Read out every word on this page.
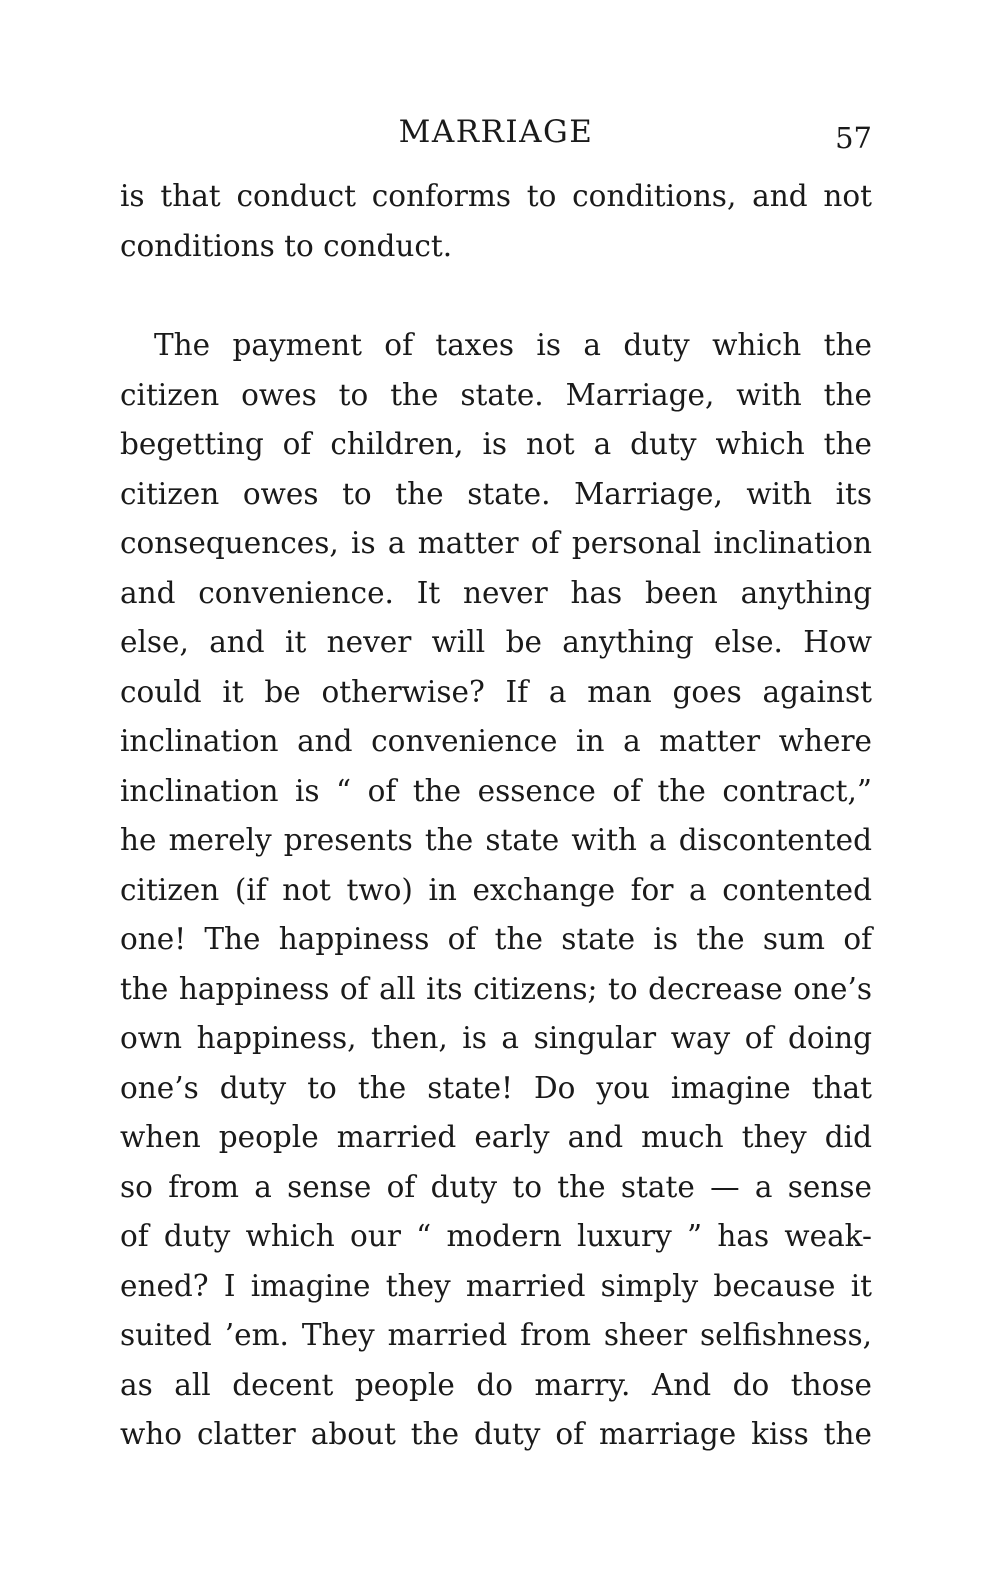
MARRIAGE	57
is that conduct conforms to conditions, and not
conditions to conduct.
The payment of taxes is a duty which the
citizen owes to the state. Marriage, with the
begetting of children, is not a duty which the
citizen owes to the state. Marriage, with its
consequences, is a matter of personal inclination
and convenience. It never has been anything
else, and it never will be anything else. How
could it be otherwise? If a man goes against
inclination and convenience in a matter where
inclination is “ of the essence of the contract,”
he merely presents the state with a discontented
citizen (if not two) in exchange for a contented
one! The happiness of the state is the sum of
the happiness of all its citizens; to decrease one’s
own happiness, then, is a singular way of doing
one’s duty to the state! Do you imagine that
when people married early and much they did
so from a sense of duty to the state — a sense
of duty which our “ modern luxury ” has weak-
ened? I imagine they married simply because it
suited ’em. They married from sheer selfishness,
as all decent people do marry. And do those
who clatter about the duty of marriage kiss the
